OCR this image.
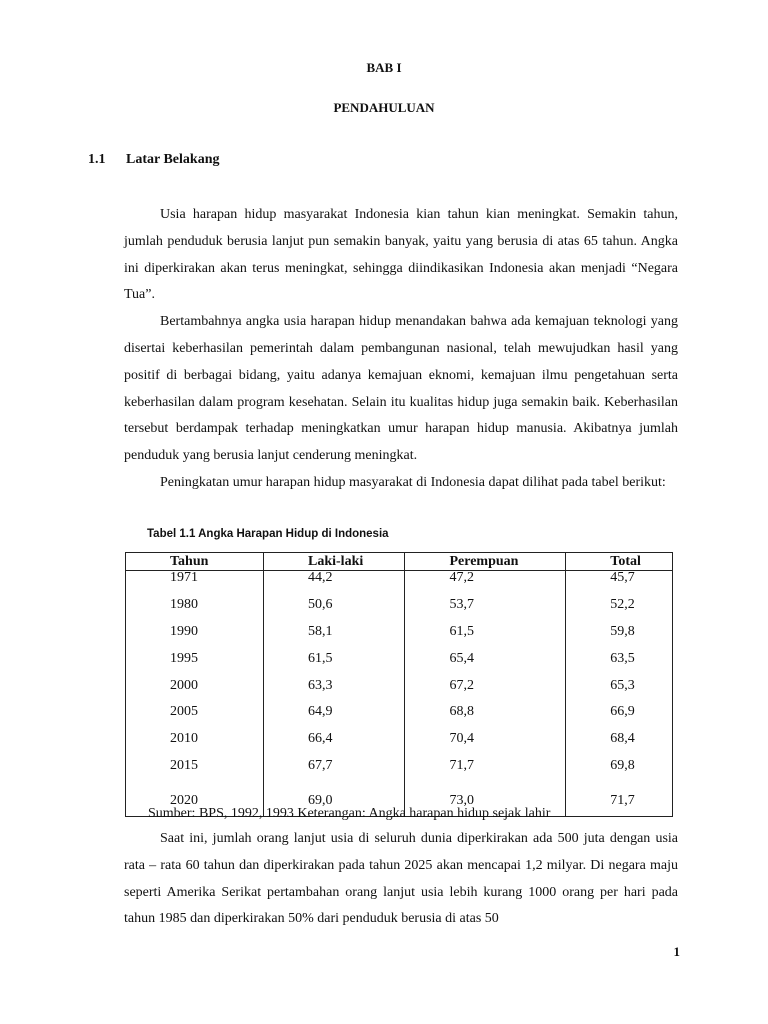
BAB I
PENDAHULUAN
1.1 Latar Belakang

Usia harapan hidup masyarakat Indonesia kian tahun kian meningkat. Semakin tahun, jumlah penduduk berusia lanjut pun semakin banyak, yaitu yang berusia di atas 65 tahun. Angka ini diperkirakan akan terus meningkat, sehingga diindikasikan Indonesia akan menjadi “Negara Tua”.

Bertambahnya angka usia harapan hidup menandakan bahwa ada kemajuan teknologi yang disertai keberhasilan pemerintah dalam pembangunan nasional, telah mewujudkan hasil yang positif di berbagai bidang, yaitu adanya kemajuan eknomi, kemajuan ilmu pengetahuan serta keberhasilan dalam program kesehatan. Selain itu kualitas hidup juga semakin baik. Keberhasilan tersebut berdampak terhadap meningkatkan umur harapan hidup manusia. Akibatnya jumlah penduduk yang berusia lanjut cenderung meningkat.

Peningkatan umur harapan hidup masyarakat di Indonesia dapat dilihat pada tabel berikut:

Tabel 1.1 Angka Harapan Hidup di Indonesia
Tahun	Laki-laki	Perempuan	Total
1971	44,2	47,2	45,7
1980	50,6	53,7	52,2
1990	58,1	61,5	59,8
1995	61,5	65,4	63,5
2000	63,3	67,2	65,3
2005	64,9	68,8	66,9
2010	66,4	70,4	68,4
2015	67,7	71,7	69,8
2020	69,0	73,0	71,7
Sumber: BPS, 1992, 1993 Keterangan: Angka harapan hidup sejak lahir

Saat ini, jumlah orang lanjut usia di seluruh dunia diperkirakan ada 500 juta dengan usia rata – rata 60 tahun dan diperkirakan pada tahun 2025 akan mencapai 1,2 milyar. Di negara maju seperti Amerika Serikat pertambahan orang lanjut usia lebih kurang 1000 orang per hari pada tahun 1985 dan diperkirakan 50% dari penduduk berusia di atas 50

1
